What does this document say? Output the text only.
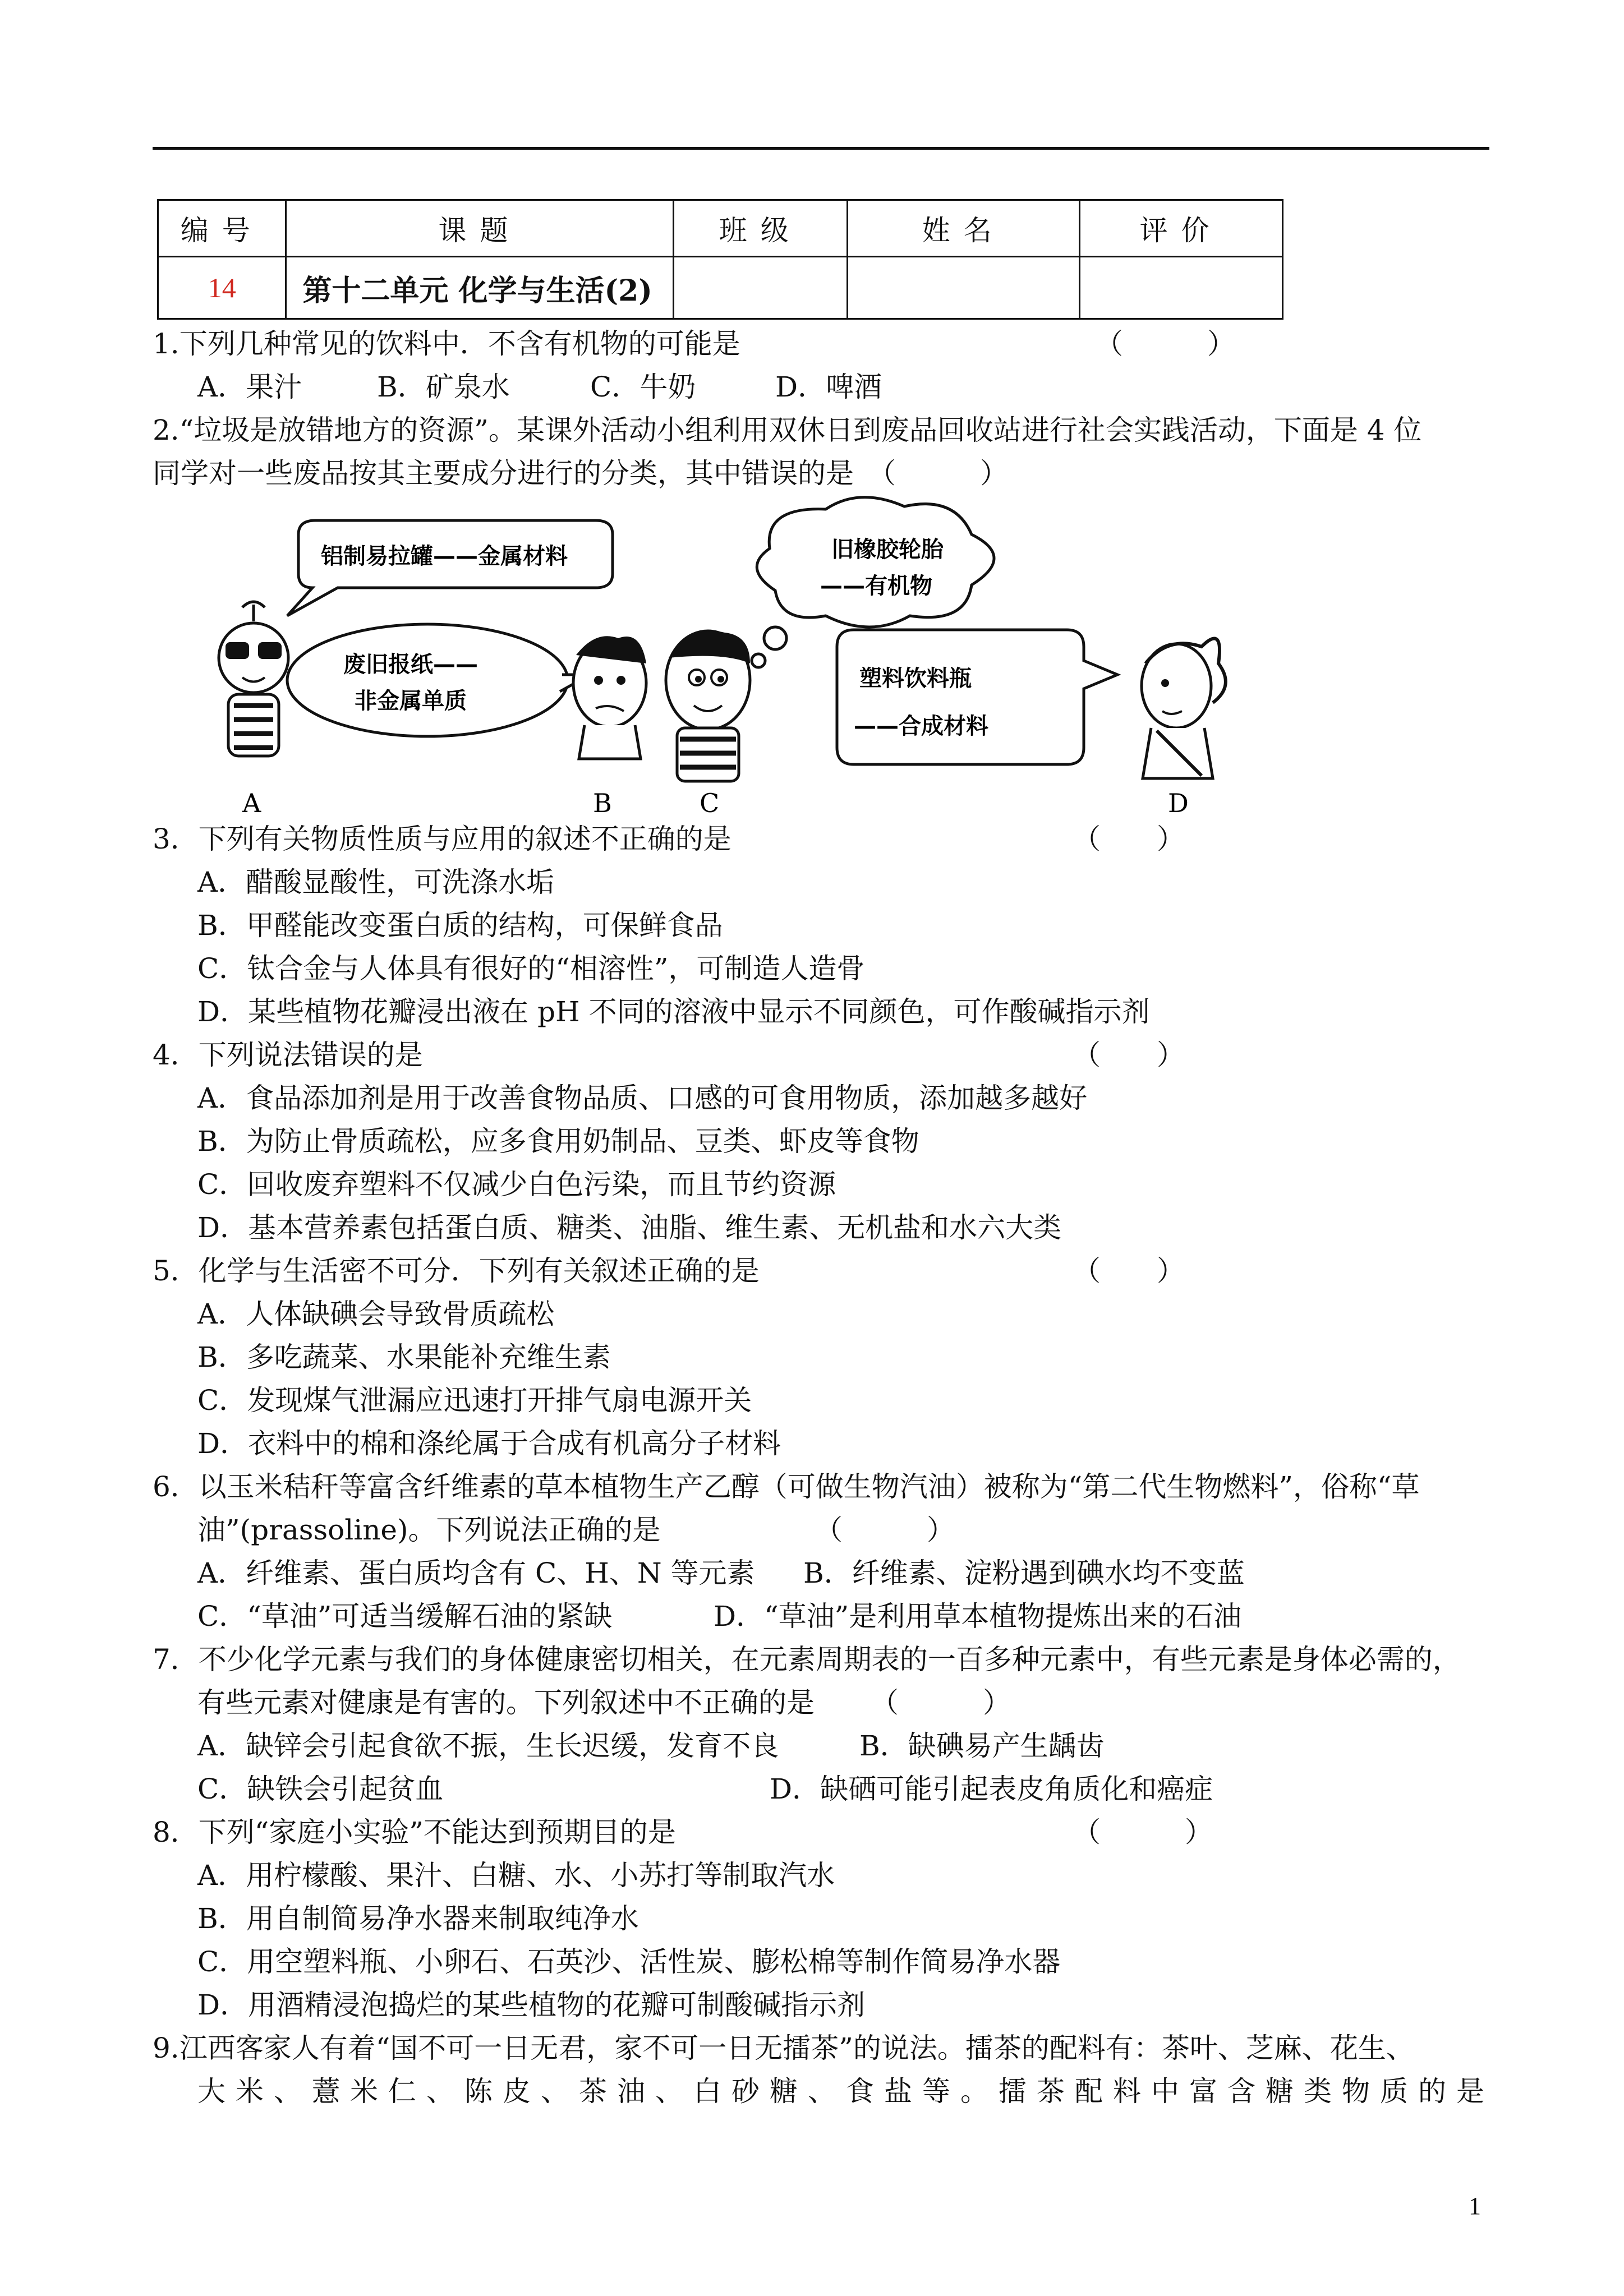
编号	课题	班级	姓名	评价
14	第十二单元 化学与生活(2)			
1.下列几种常见的饮料中．不含有机物的可能是	（　　　）
A．果汁	B．矿泉水	C．牛奶	D．啤酒
2.“垃圾是放错地方的资源”。某课外活动小组利用双休日到废品回收站进行社会实践活动，下面是 4 位
同学对一些废品按其主要成分进行的分类，其中错误的是　（　　　）
铝制易拉罐——金属材料	旧橡胶轮胎
——有机物
废旧报纸——
非金属单质
塑料饮料瓶
——合成材料
A	B	C	D
3．下列有关物质性质与应用的叙述不正确的是	（　　）
A．醋酸显酸性，可洗涤水垢
B．甲醛能改变蛋白质的结构，可保鲜食品
C．钛合金与人体具有很好的“相溶性”，可制造人造骨
D．某些植物花瓣浸出液在 pH 不同的溶液中显示不同颜色，可作酸碱指示剂
4．下列说法错误的是	（　　）
A．食品添加剂是用于改善食物品质、口感的可食用物质，添加越多越好
B．为防止骨质疏松，应多食用奶制品、豆类、虾皮等食物
C．回收废弃塑料不仅减少白色污染，而且节约资源
D．基本营养素包括蛋白质、糖类、油脂、维生素、无机盐和水六大类
5．化学与生活密不可分．下列有关叙述正确的是	（　　）
A．人体缺碘会导致骨质疏松
B．多吃蔬菜、水果能补充维生素
C．发现煤气泄漏应迅速打开排气扇电源开关
D．衣料中的棉和涤纶属于合成有机高分子材料
6．以玉米秸秆等富含纤维素的草本植物生产乙醇（可做生物汽油）被称为“第二代生物燃料”，俗称“草
油”(prassoline)。下列说法正确的是	（　　　）
A．纤维素、蛋白质均含有 C、H、N 等元素 B．纤维素、淀粉遇到碘水均不变蓝
C．“草油”可适当缓解石油的紧缺	D．“草油”是利用草本植物提炼出来的石油
7．不少化学元素与我们的身体健康密切相关，在元素周期表的一百多种元素中，有些元素是身体必需的，
有些元素对健康是有害的。下列叙述中不正确的是 （　　　）
A．缺锌会引起食欲不振，生长迟缓，发育不良	B．缺碘易产生龋齿
C．缺铁会引起贫血	D．缺硒可能引起表皮角质化和癌症
8．下列“家庭小实验”不能达到预期目的是	（　　　）
A．用柠檬酸、果汁、白糖、水、小苏打等制取汽水
B．用自制简易净水器来制取纯净水
C．用空塑料瓶、小卵石、石英沙、活性炭、膨松棉等制作简易净水器
D．用酒精浸泡捣烂的某些植物的花瓣可制酸碱指示剂
9.江西客家人有着“国不可一日无君，家不可一日无擂茶”的说法。擂茶的配料有：茶叶、芝麻、花生、
大米、薏米仁、陈皮、茶油、白砂糖、食盐等。擂茶配料中富含糖类物质的是
1
